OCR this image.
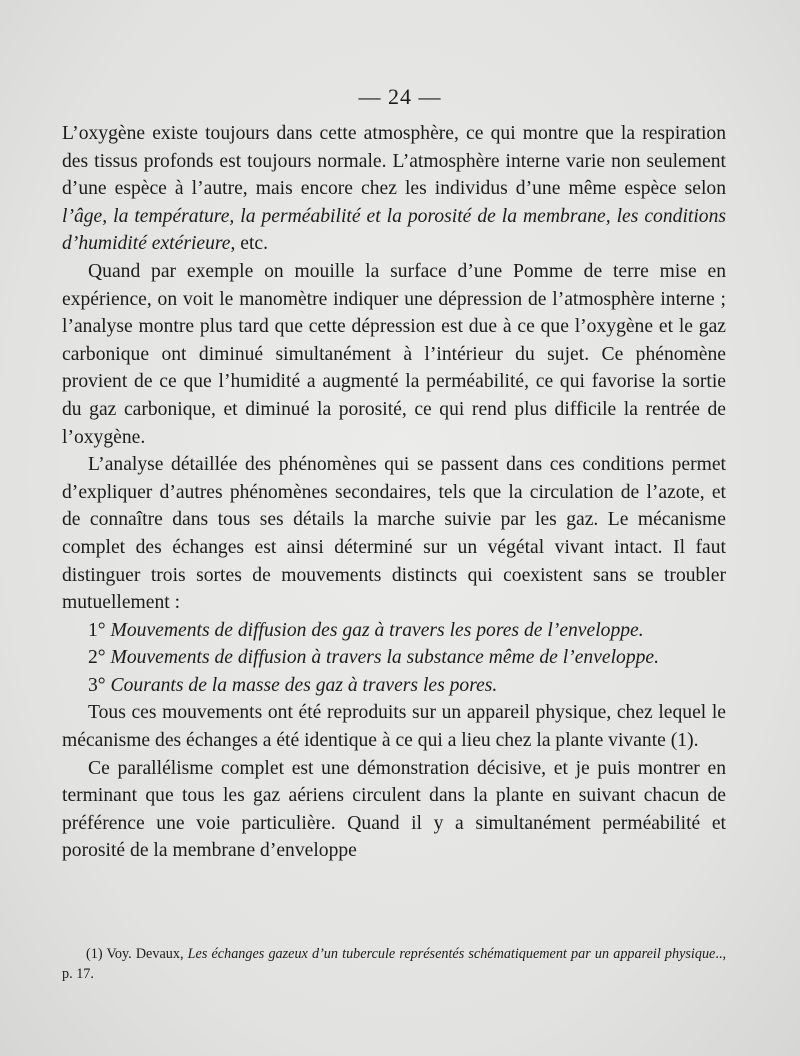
— 24 —

L’oxygène existe toujours dans cette atmosphère, ce qui montre que la respiration des tissus profonds est toujours normale. L’atmosphère interne varie non seulement d’une espèce à l’autre, mais encore chez les individus d’une même espèce selon l’âge, la température, la perméabilité et la porosité de la membrane, les conditions d’humidité extérieure, etc.

Quand par exemple on mouille la surface d’une Pomme de terre mise en expérience, on voit le manomètre indiquer une dépression de l’atmosphère interne ; l’analyse montre plus tard que cette dépression est due à ce que l’oxygène et le gaz carbonique ont diminué simultanément à l’intérieur du sujet. Ce phénomène provient de ce que l’humidité a augmenté la perméabilité, ce qui favorise la sortie du gaz carbonique, et diminué la porosité, ce qui rend plus difficile la rentrée de l’oxygène.

L’analyse détaillée des phénomènes qui se passent dans ces conditions permet d’expliquer d’autres phénomènes secondaires, tels que la circulation de l’azote, et de connaître dans tous ses détails la marche suivie par les gaz. Le mécanisme complet des échanges est ainsi déterminé sur un végétal vivant intact. Il faut distinguer trois sortes de mouvements distincts qui coexistent sans se troubler mutuellement :

1° Mouvements de diffusion des gaz à travers les pores de l’enveloppe.

2° Mouvements de diffusion à travers la substance même de l’enveloppe.

3° Courants de la masse des gaz à travers les pores.

Tous ces mouvements ont été reproduits sur un appareil physique, chez lequel le mécanisme des échanges a été identique à ce qui a lieu chez la plante vivante (1).

Ce parallélisme complet est une démonstration décisive, et je puis montrer en terminant que tous les gaz aériens circulent dans la plante en suivant chacun de préférence une voie particulière. Quand il y a simultanément perméabilité et porosité de la membrane d’enveloppe

(1) Voy. Devaux, Les échanges gazeux d’un tubercule représentés schématiquement par un appareil physique.., p. 17.
